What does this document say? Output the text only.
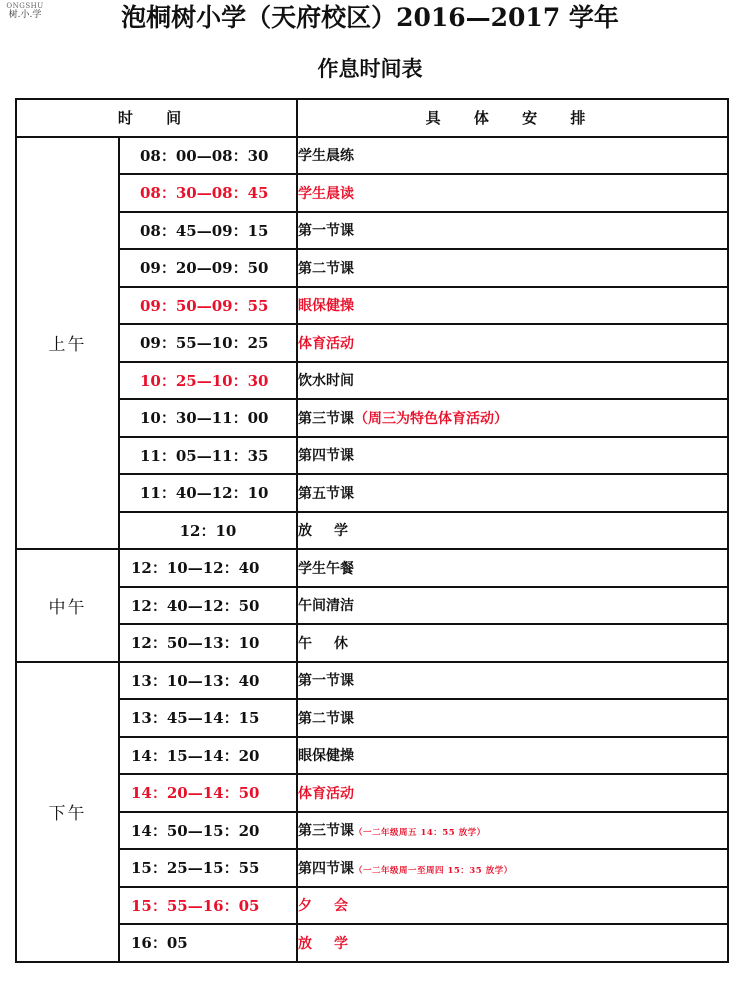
ONGSHU
树.小.学	泡桐树小学（天府校区）2016—2017 学年
作息时间表
时 间		具 体 安 排
上午	08：00—08：30	学生晨练
	08：30—08：45	学生晨读
	08：45—09：15	第一节课
	09：20—09：50	第二节课
	09：50—09：55	眼保健操
	09：55—10：25	体育活动
	10：25—10：30	饮水时间
	10：30—11：00	第三节课（周三为特色体育活动）
	11：05—11：35	第四节课
	11：40—12：10	第五节课
	12：10	放学
中午	12：10—12：40	学生午餐
	12：40—12：50	午间清洁
	12：50—13：10	午休
下午	13：10—13：40	第一节课
	13：45—14：15	第二节课
	14：15—14：20	眼保健操
	14：20—14：50	体育活动
	14：50—15：20	第三节课（一二年级周五 14：55 放学）
	15：25—15：55	第四节课（一二年级周一至周四 15：35 放学）
	15：55—16：05	夕会
	16：05	放学
